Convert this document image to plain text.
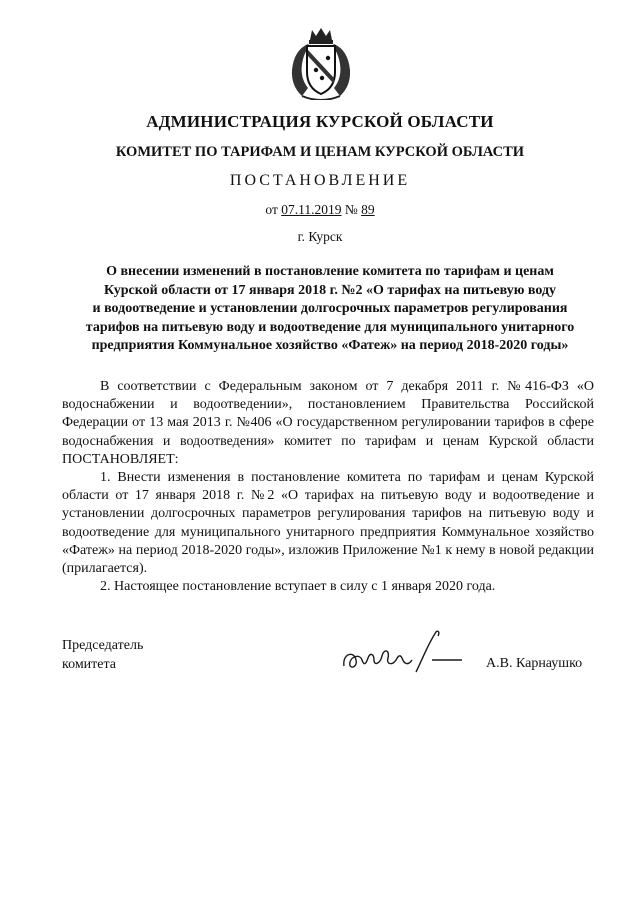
АДМИНИСТРАЦИЯ КУРСКОЙ ОБЛАСТИ
КОМИТЕТ ПО ТАРИФАМ И ЦЕНАМ КУРСКОЙ ОБЛАСТИ
ПОСТАНОВЛЕНИЕ
от 07.11.2019 № 89
г. Курск
О внесении изменений в постановление комитета по тарифам и ценам
Курской области от 17 января 2018 г. №2 «О тарифах на питьевую воду
и водоотведение и установлении долгосрочных параметров регулирования
тарифов на питьевую воду и водоотведение для муниципального унитарного
предприятия Коммунальное хозяйство «Фатеж» на период 2018-2020 годы»

В соответствии с Федеральным законом от 7 декабря 2011 г. №416-ФЗ «О водоснабжении и водоотведении», постановлением Правительства Российской Федерации от 13 мая 2013 г. №406 «О государственном регулировании тарифов в сфере водоснабжения и водоотведения» комитет по тарифам и ценам Курской области ПОСТАНОВЛЯЕТ:

1. Внести изменения в постановление комитета по тарифам и ценам Курской области от 17 января 2018 г. №2 «О тарифах на питьевую воду и водоотведение и установлении долгосрочных параметров регулирования тарифов на питьевую воду и водоотведение для муниципального унитарного предприятия Коммунальное хозяйство «Фатеж» на период 2018-2020 годы», изложив Приложение №1 к нему в новой редакции (прилагается).

2. Настоящее постановление вступает в силу с 1 января 2020 года.

Председатель
комитета	А.В. Карнаушко
